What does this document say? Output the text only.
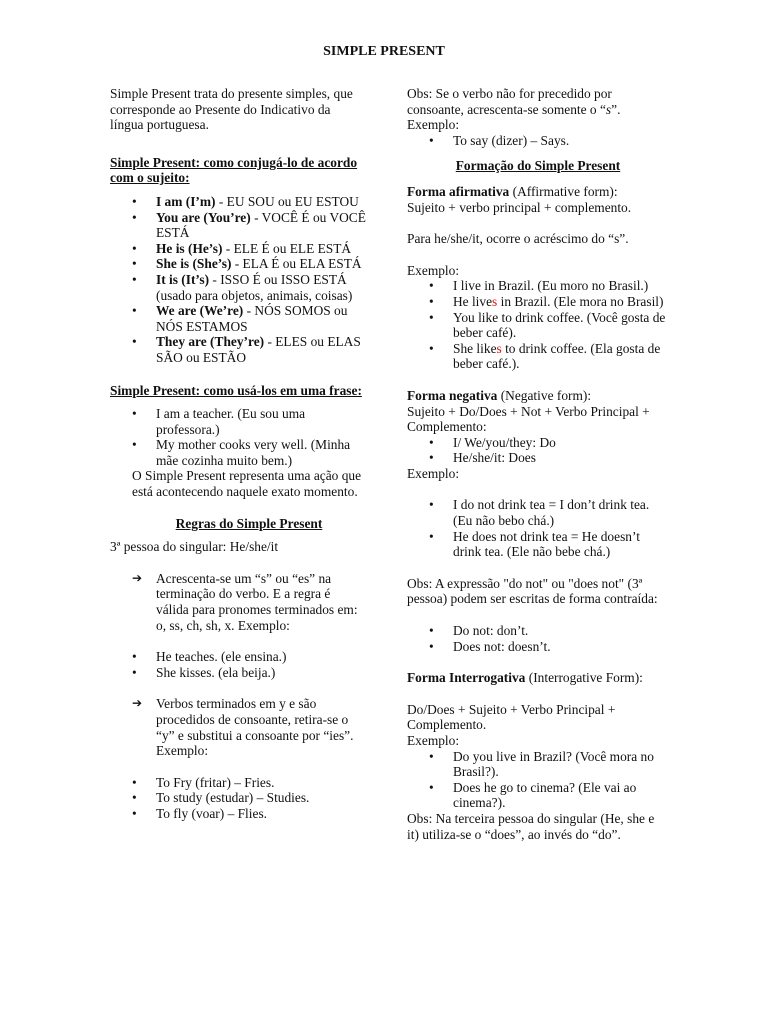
SIMPLE PRESENT

Simple Present trata do presente simples, que corresponde ao Presente do Indicativo da língua portuguesa.

Simple Present: como conjugá-lo de acordo com o sujeito:

• I am (I’m) - EU SOU ou EU ESTOU
• You are (You’re) - VOCÊ É ou VOCÊ ESTÁ
• He is (He’s) - ELE É ou ELE ESTÁ
• She is (She’s) - ELA É ou ELA ESTÁ
• It is (It’s) - ISSO É ou ISSO ESTÁ (usado para objetos, animais, coisas)
• We are (We’re) - NÓS SOMOS ou NÓS ESTAMOS
• They are (They’re) - ELES ou ELAS SÃO ou ESTÃO

Simple Present: como usá-los em uma frase:

• I am a teacher. (Eu sou uma professora.)
• My mother cooks very well. (Minha mãe cozinha muito bem.)

O Simple Present representa uma ação que está acontecendo naquele exato momento.

Regras do Simple Present

3ª pessoa do singular: He/she/it

➔ Acrescenta-se um “s” ou “es” na terminação do verbo. E a regra é válida para pronomes terminados em: o, ss, ch, sh, x. Exemplo:
• He teaches. (ele ensina.)
• She kisses. (ela beija.)
➔ Verbos terminados em y e são procedidos de consoante, retira-se o “y” e substitui a consoante por “ies”. Exemplo:
• To Fry (fritar) – Fries.
• To study (estudar) – Studies.
• To fly (voar) – Flies.

Obs: Se o verbo não for precedido por consoante, acrescenta-se somente o “s”.

Exemplo:

• To say (dizer) – Says.

Formação do Simple Present

Forma afirmativa (Affirmative form):

Sujeito + verbo principal + complemento.

Para he/she/it, ocorre o acréscimo do “s”.

Exemplo:

• I live in Brazil. (Eu moro no Brasil.)
• He lives in Brazil. (Ele mora no Brasil)
• You like to drink coffee. (Você gosta de beber café).
• She likes to drink coffee. (Ela gosta de beber café.).

Forma negativa (Negative form):

Sujeito + Do/Does + Not + Verbo Principal + Complemento:

• I/ We/you/they: Do
• He/she/it: Does

Exemplo:

• I do not drink tea = I don’t drink tea. (Eu não bebo chá.)
• He does not drink tea = He doesn’t drink tea. (Ele não bebe chá.)

Obs: A expressão "do not" ou "does not" (3ª pessoa) podem ser escritas de forma contraída:

• Do not: don’t.
• Does not: doesn’t.

Forma Interrogativa (Interrogative Form):

Do/Does + Sujeito + Verbo Principal + Complemento.

Exemplo:

• Do you live in Brazil? (Você mora no Brasil?).
• Does he go to cinema? (Ele vai ao cinema?).

Obs: Na terceira pessoa do singular (He, she e it) utiliza-se o “does”, ao invés do “do”.
